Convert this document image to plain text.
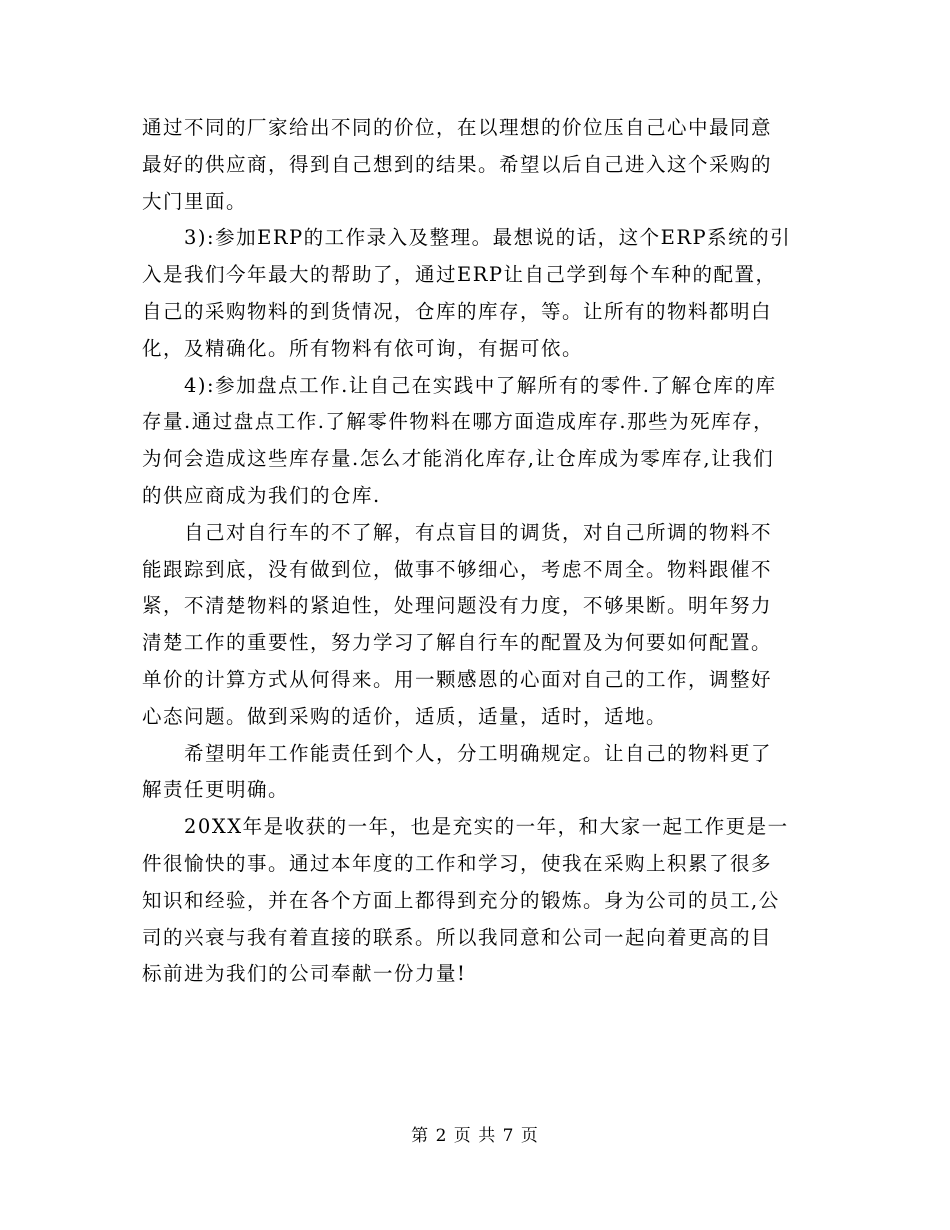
通过不同的厂家给出不同的价位，在以理想的价位压自己心中最同意
最好的供应商，得到自己想到的结果。希望以后自己进入这个采购的
大门里面。
3):参加ERP的工作录入及整理。最想说的话，这个ERP系统的引
入是我们今年最大的帮助了，通过ERP让自己学到每个车种的配置，
自己的采购物料的到货情况，仓库的库存，等。让所有的物料都明白
化，及精确化。所有物料有依可询，有据可依。
4):参加盘点工作.让自己在实践中了解所有的零件.了解仓库的库
存量.通过盘点工作.了解零件物料在哪方面造成库存.那些为死库存，
为何会造成这些库存量.怎么才能消化库存,让仓库成为零库存,让我们
的供应商成为我们的仓库.
自己对自行车的不了解，有点盲目的调货，对自己所调的物料不
能跟踪到底，没有做到位，做事不够细心，考虑不周全。物料跟催不
紧，不清楚物料的紧迫性，处理问题没有力度，不够果断。明年努力
清楚工作的重要性，努力学习了解自行车的配置及为何要如何配置。
单价的计算方式从何得来。用一颗感恩的心面对自己的工作，调整好
心态问题。做到采购的适价，适质，适量，适时，适地。
希望明年工作能责任到个人，分工明确规定。让自己的物料更了
解责任更明确。
20XX年是收获的一年，也是充实的一年，和大家一起工作更是一
件很愉快的事。通过本年度的工作和学习，使我在采购上积累了很多
知识和经验，并在各个方面上都得到充分的锻炼。身为公司的员工,公
司的兴衰与我有着直接的联系。所以我同意和公司一起向着更高的目
标前进为我们的公司奉献一份力量!
第 2 页 共 7 页
